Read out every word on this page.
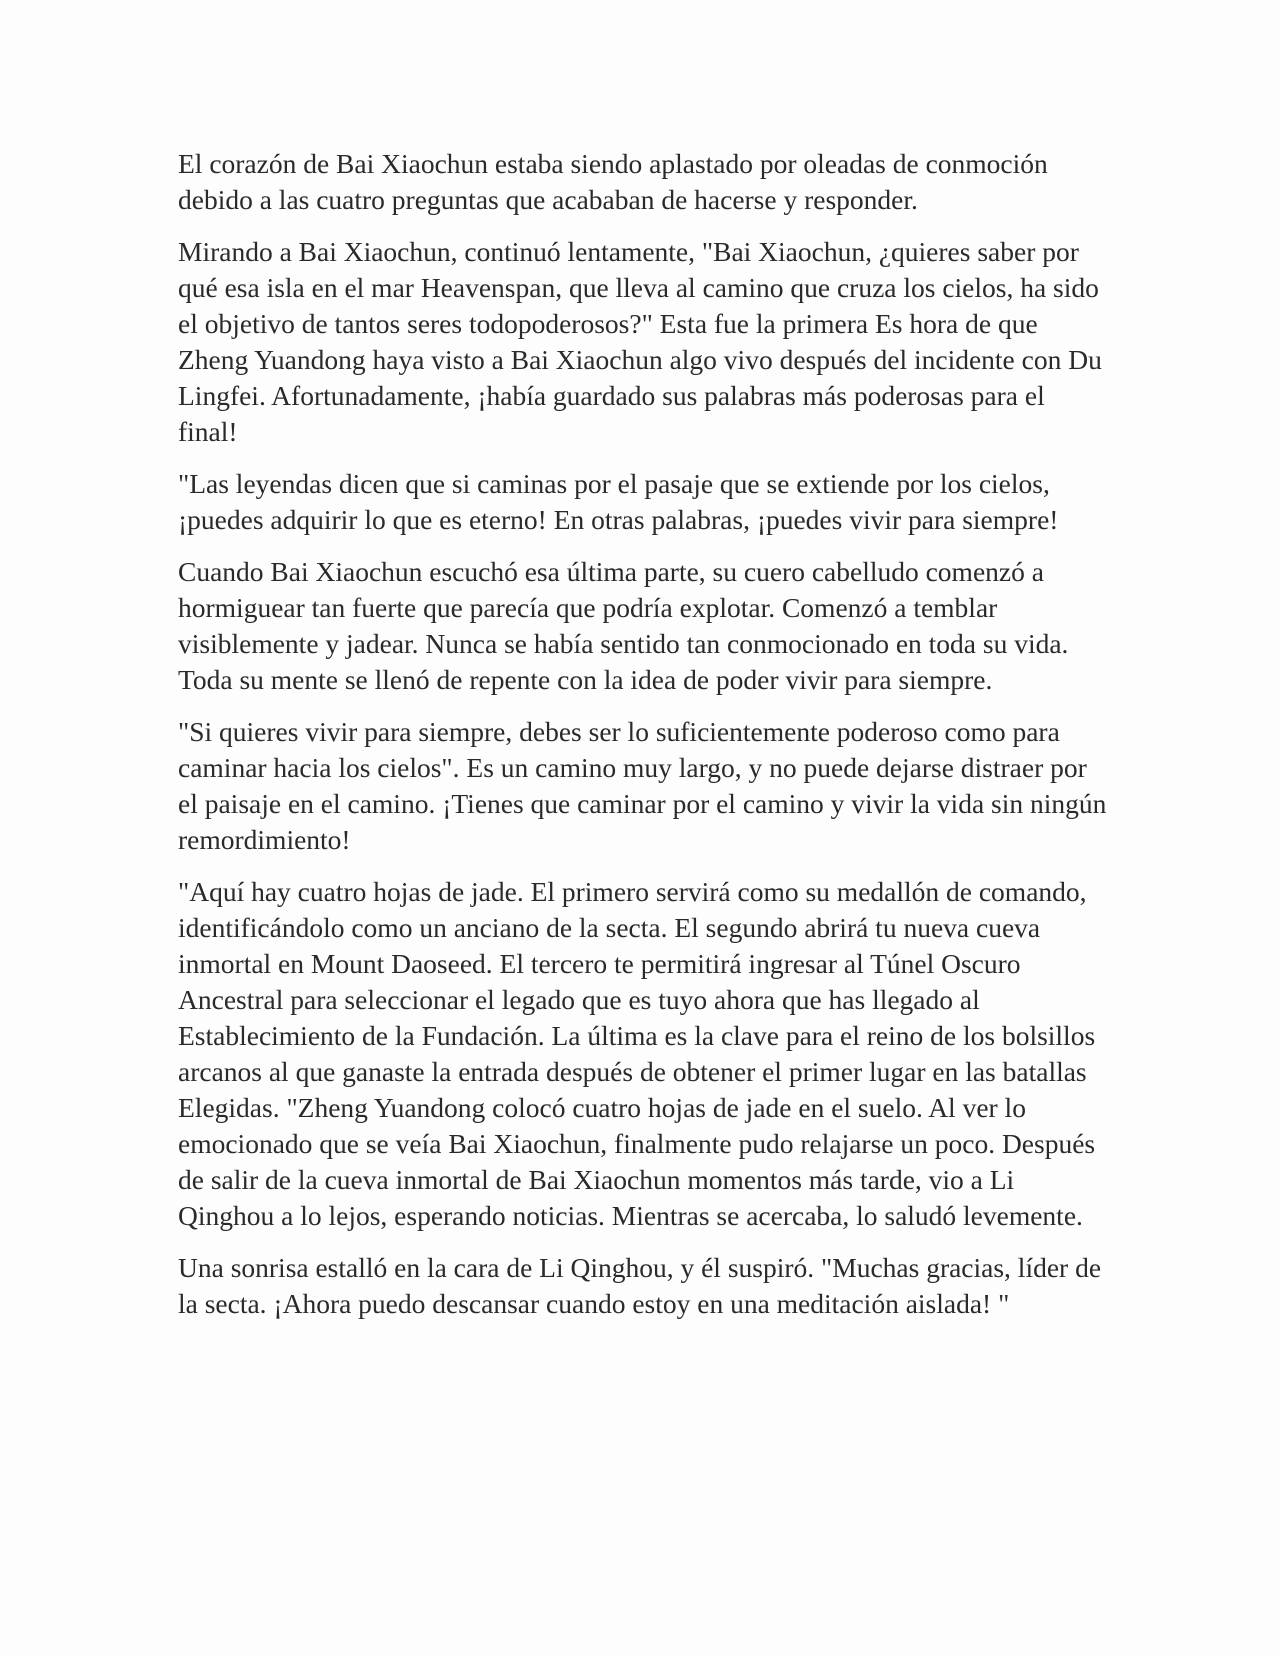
El corazón de Bai Xiaochun estaba siendo aplastado por oleadas de conmoción debido a las cuatro preguntas que acababan de hacerse y responder.

Mirando a Bai Xiaochun, continuó lentamente, "Bai Xiaochun, ¿quieres saber por qué esa isla en el mar Heavenspan, que lleva al camino que cruza los cielos, ha sido el objetivo de tantos seres todopoderosos?" Esta fue la primera Es hora de que Zheng Yuandong haya visto a Bai Xiaochun algo vivo después del incidente con Du Lingfei. Afortunadamente, ¡había guardado sus palabras más poderosas para el final!

"Las leyendas dicen que si caminas por el pasaje que se extiende por los cielos, ¡puedes adquirir lo que es eterno! En otras palabras, ¡puedes vivir para siempre!

Cuando Bai Xiaochun escuchó esa última parte, su cuero cabelludo comenzó a hormiguear tan fuerte que parecía que podría explotar. Comenzó a temblar visiblemente y jadear. Nunca se había sentido tan conmocionado en toda su vida. Toda su mente se llenó de repente con la idea de poder vivir para siempre.

"Si quieres vivir para siempre, debes ser lo suficientemente poderoso como para caminar hacia los cielos". Es un camino muy largo, y no puede dejarse distraer por el paisaje en el camino. ¡Tienes que caminar por el camino y vivir la vida sin ningún remordimiento!

"Aquí hay cuatro hojas de jade. El primero servirá como su medallón de comando, identificándolo como un anciano de la secta. El segundo abrirá tu nueva cueva inmortal en Mount Daoseed. El tercero te permitirá ingresar al Túnel Oscuro Ancestral para seleccionar el legado que es tuyo ahora que has llegado al Establecimiento de la Fundación. La última es la clave para el reino de los bolsillos arcanos al que ganaste la entrada después de obtener el primer lugar en las batallas Elegidas. "Zheng Yuandong colocó cuatro hojas de jade en el suelo. Al ver lo emocionado que se veía Bai Xiaochun, finalmente pudo relajarse un poco. Después de salir de la cueva inmortal de Bai Xiaochun momentos más tarde, vio a Li Qinghou a lo lejos, esperando noticias. Mientras se acercaba, lo saludó levemente.

Una sonrisa estalló en la cara de Li Qinghou, y él suspiró. "Muchas gracias, líder de la secta. ¡Ahora puedo descansar cuando estoy en una meditación aislada! "
